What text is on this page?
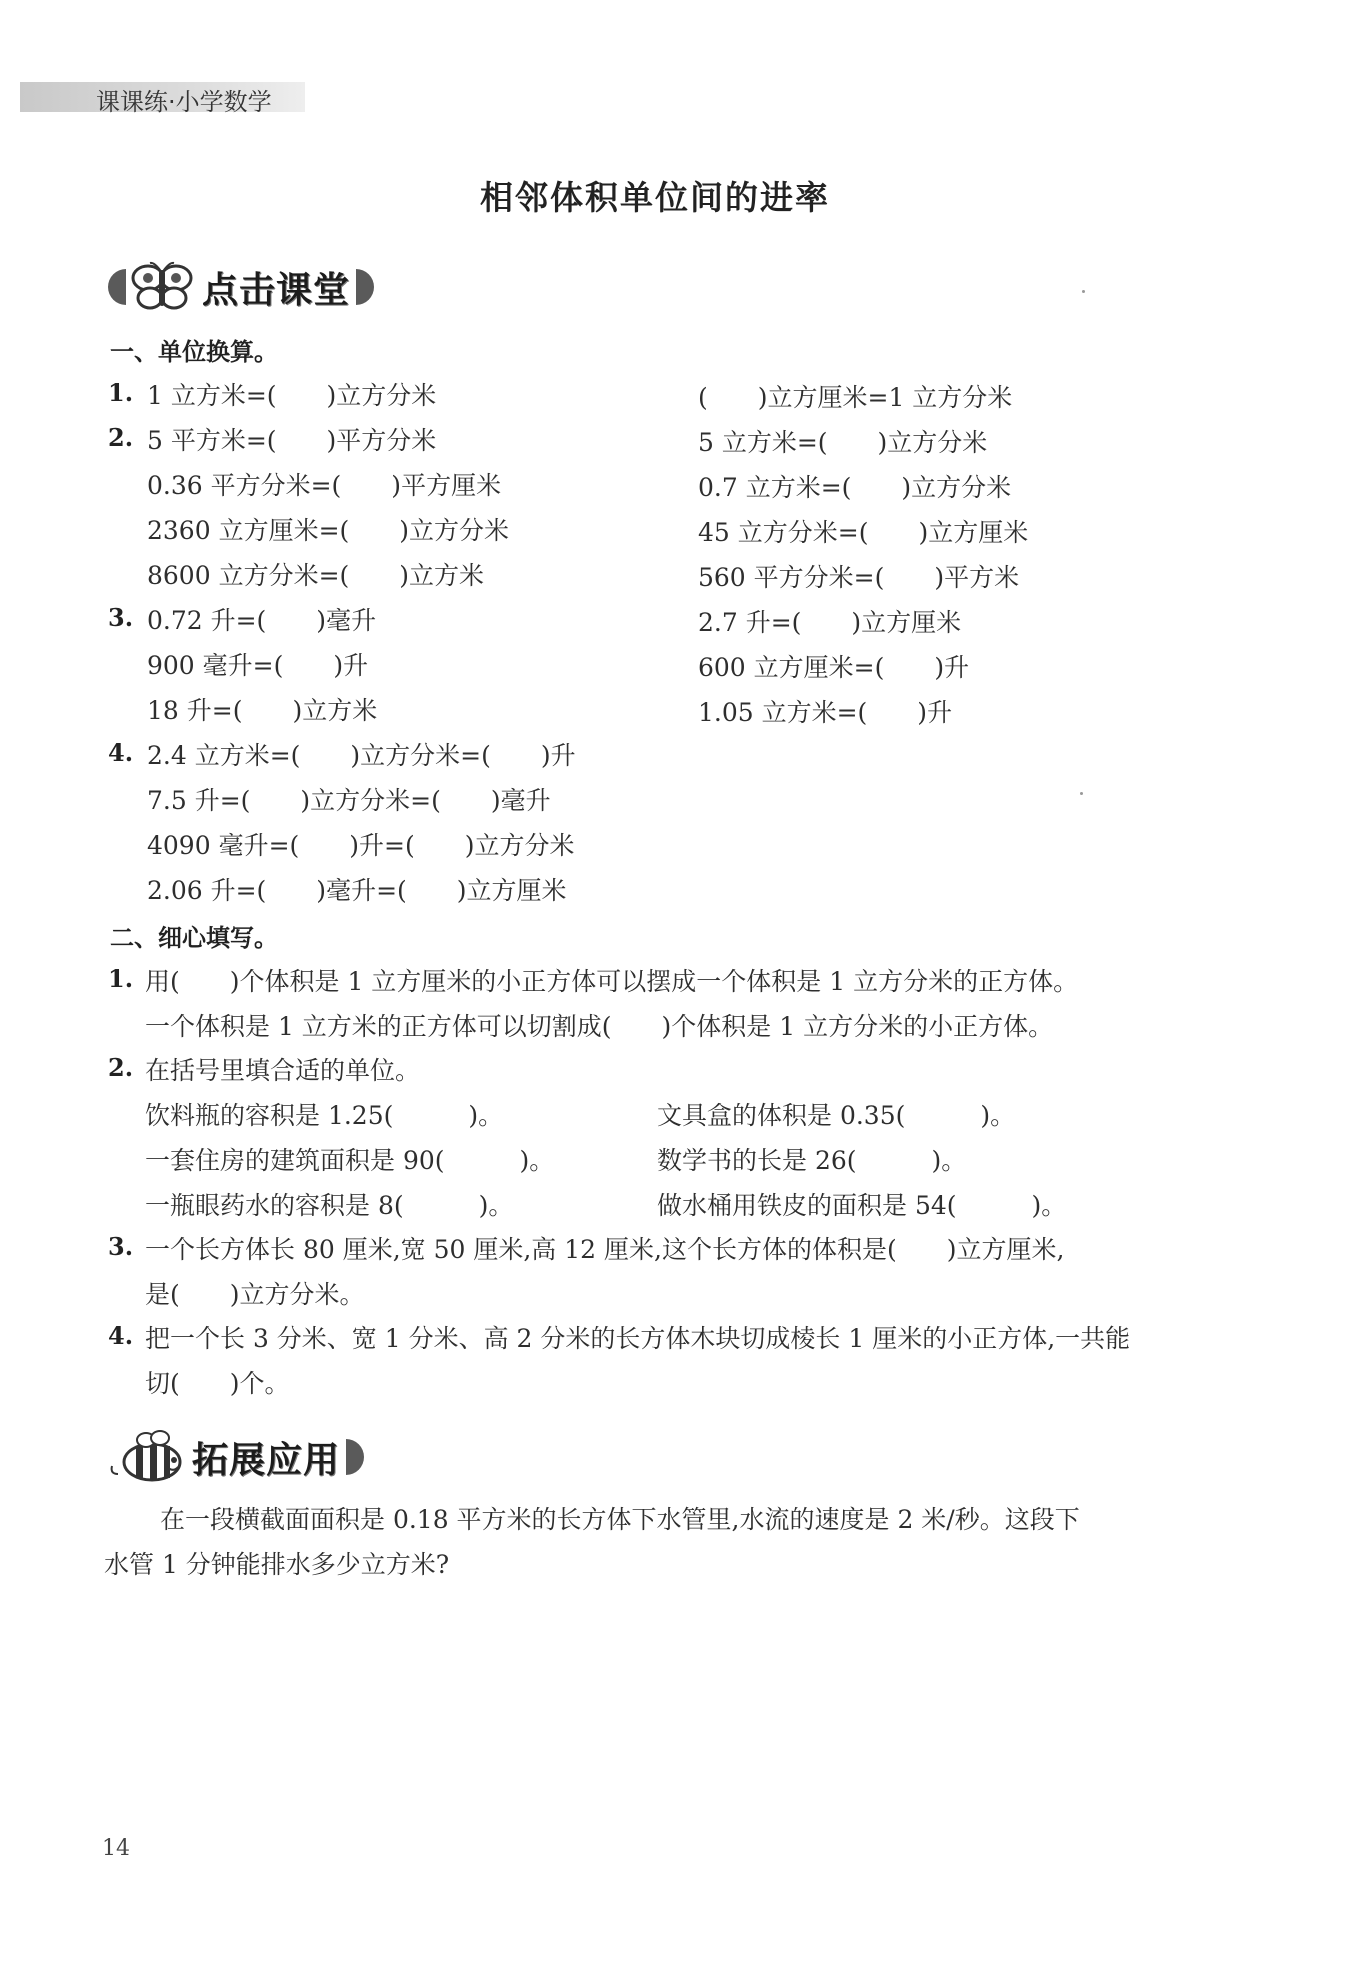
课课练·小学数学
相邻体积单位间的进率
点击课堂
一、单位换算。
1.
2.
3.
4.
1 立方米=(　　)立方分米
5 平方米=(　　)平方分米
0.36 平方分米=(　　)平方厘米
2360 立方厘米=(　　)立方分米
8600 立方分米=(　　)立方米
0.72 升=(　　)毫升
900 毫升=(　　)升
18 升=(　　)立方米
2.4 立方米=(　　)立方分米=(　　)升
7.5 升=(　　)立方分米=(　　)毫升
4090 毫升=(　　)升=(　　)立方分米
2.06 升=(　　)毫升=(　　)立方厘米
(　　)立方厘米=1 立方分米
5 立方米=(　　)立方分米
0.7 立方米=(　　)立方分米
45 立方分米=(　　)立方厘米
560 平方分米=(　　)平方米
2.7 升=(　　)立方厘米
600 立方厘米=(　　)升
1.05 立方米=(　　)升
二、细心填写。
1.
2.
3.
4.
用(　　)个体积是 1 立方厘米的小正方体可以摆成一个体积是 1 立方分米的正方体。
一个体积是 1 立方米的正方体可以切割成(　　)个体积是 1 立方分米的小正方体。
在括号里填合适的单位。
饮料瓶的容积是 1.25(　　　)。
一套住房的建筑面积是 90(　　　)。
一瓶眼药水的容积是 8(　　　)。
文具盒的体积是 0.35(　　　)。
数学书的长是 26(　　　)。
做水桶用铁皮的面积是 54(　　　)。
一个长方体长 80 厘米,宽 50 厘米,高 12 厘米,这个长方体的体积是(　　)立方厘米,
是(　　)立方分米。
把一个长 3 分米、宽 1 分米、高 2 分米的长方体木块切成棱长 1 厘米的小正方体,一共能
切(　　)个。
拓展应用
在一段横截面面积是 0.18 平方米的长方体下水管里,水流的速度是 2 米/秒。这段下
水管 1 分钟能排水多少立方米?
14
